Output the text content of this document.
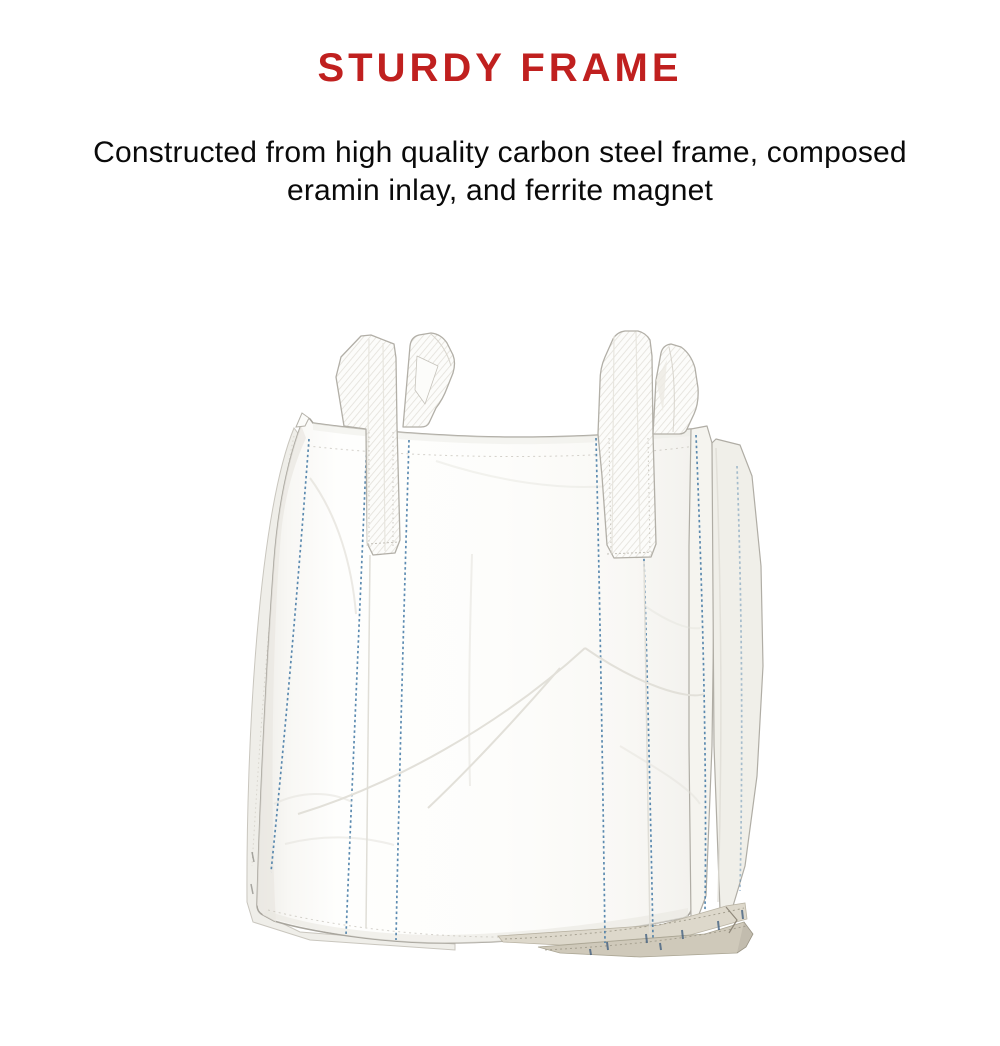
STURDY FRAME
Constructed from high quality carbon steel frame, composed
eramin inlay, and ferrite magnet
